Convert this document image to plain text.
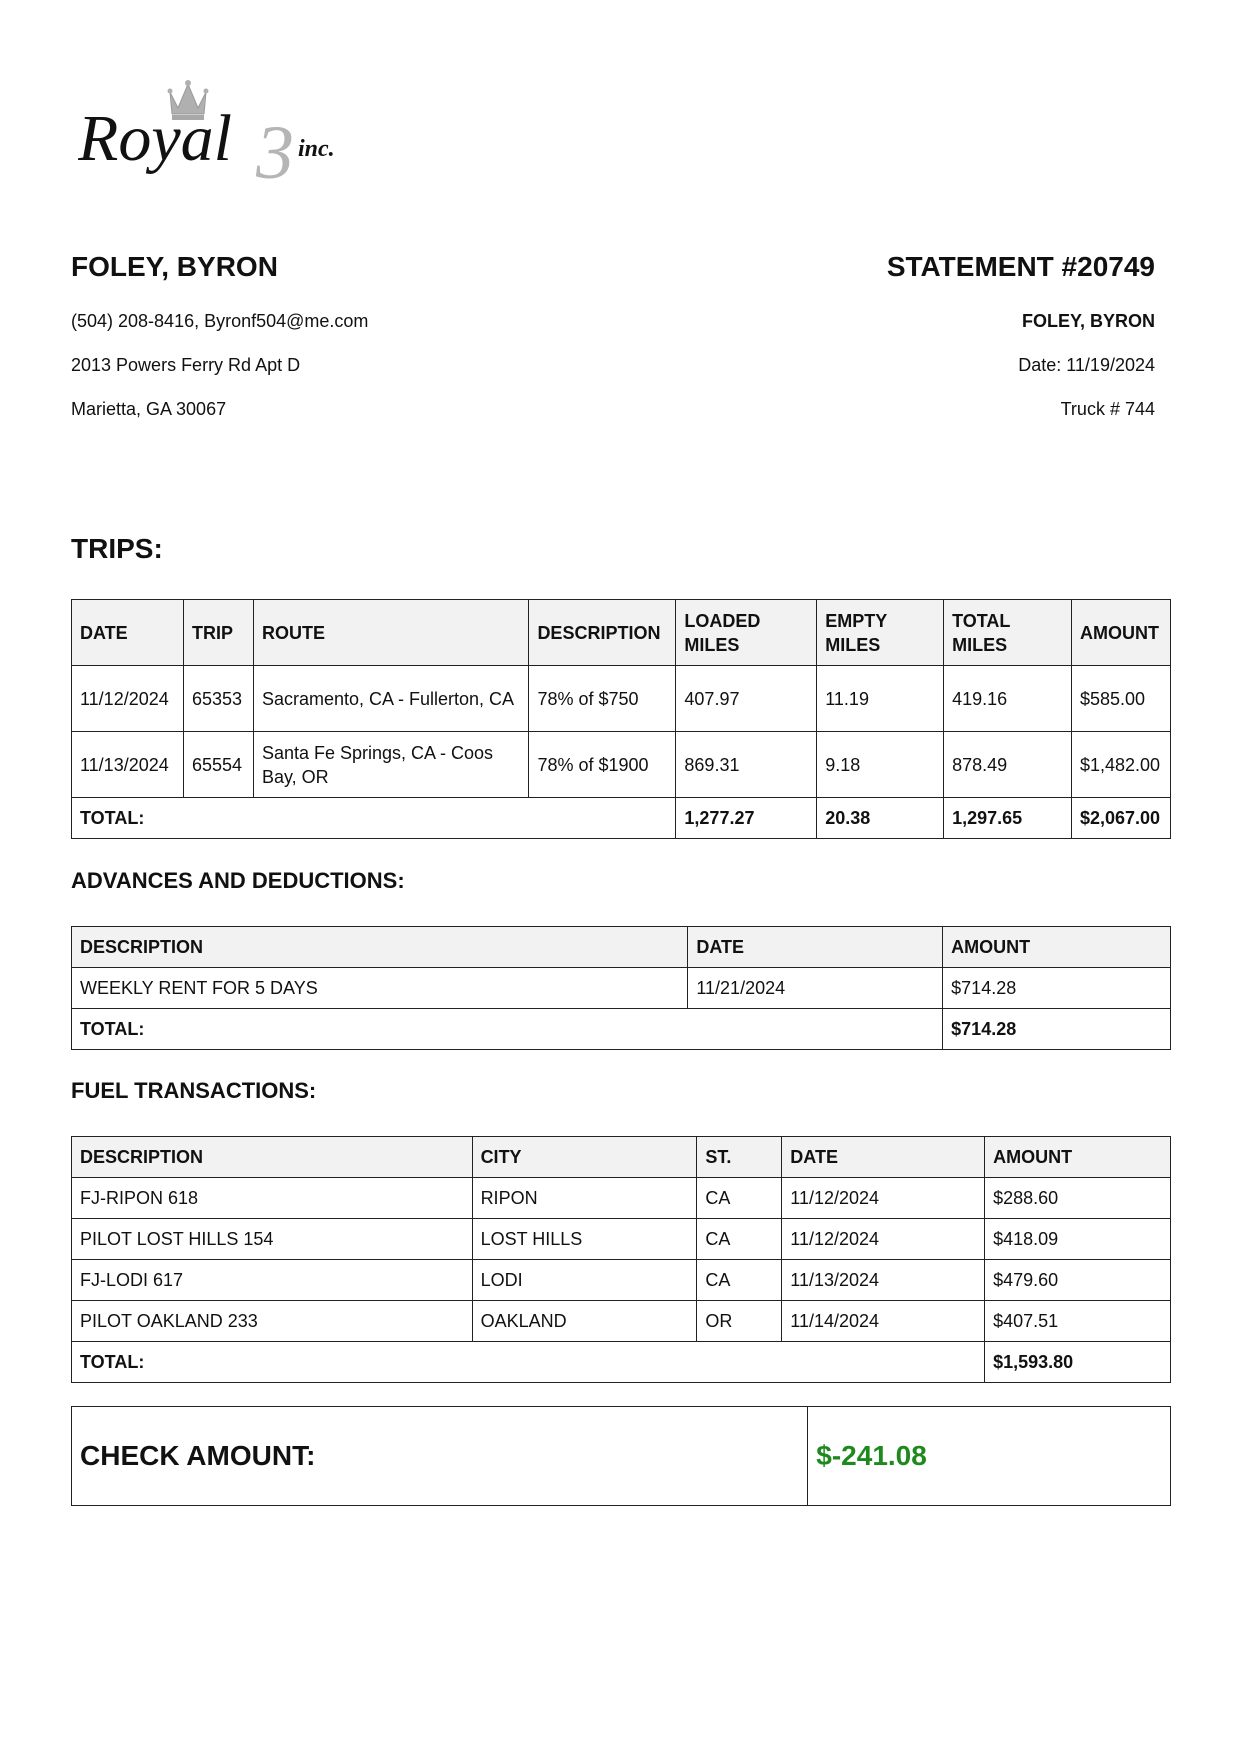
Royal 3 inc.

FOLEY, BYRON

(504) 208-8416, Byronf504@me.com

2013 Powers Ferry Rd Apt D

Marietta, GA 30067

STATEMENT #20749

FOLEY, BYRON

Date: 11/19/2024

Truck # 744

TRIPS:

DATE	TRIP	ROUTE	DESCRIPTION	LOADED MILES	EMPTY MILES	TOTAL MILES	AMOUNT
11/12/2024	65353	Sacramento, CA - Fullerton, CA	78% of $750	407.97	11.19	419.16	$585.00
11/13/2024	65554	Santa Fe Springs, CA - Coos Bay, OR	78% of $1900	869.31	9.18	878.49	$1,482.00
TOTAL:				1,277.27	20.38	1,297.65	$2,067.00

ADVANCES AND DEDUCTIONS:

DESCRIPTION	DATE	AMOUNT
WEEKLY RENT FOR 5 DAYS	11/21/2024	$714.28
TOTAL:		$714.28

FUEL TRANSACTIONS:

DESCRIPTION	CITY	ST.	DATE	AMOUNT
FJ-RIPON 618	RIPON	CA	11/12/2024	$288.60
PILOT LOST HILLS 154	LOST HILLS	CA	11/12/2024	$418.09
FJ-LODI 617	LODI	CA	11/13/2024	$479.60
PILOT OAKLAND 233	OAKLAND	OR	11/14/2024	$407.51
TOTAL:				$1,593.80
CHECK AMOUNT:	$-241.08
